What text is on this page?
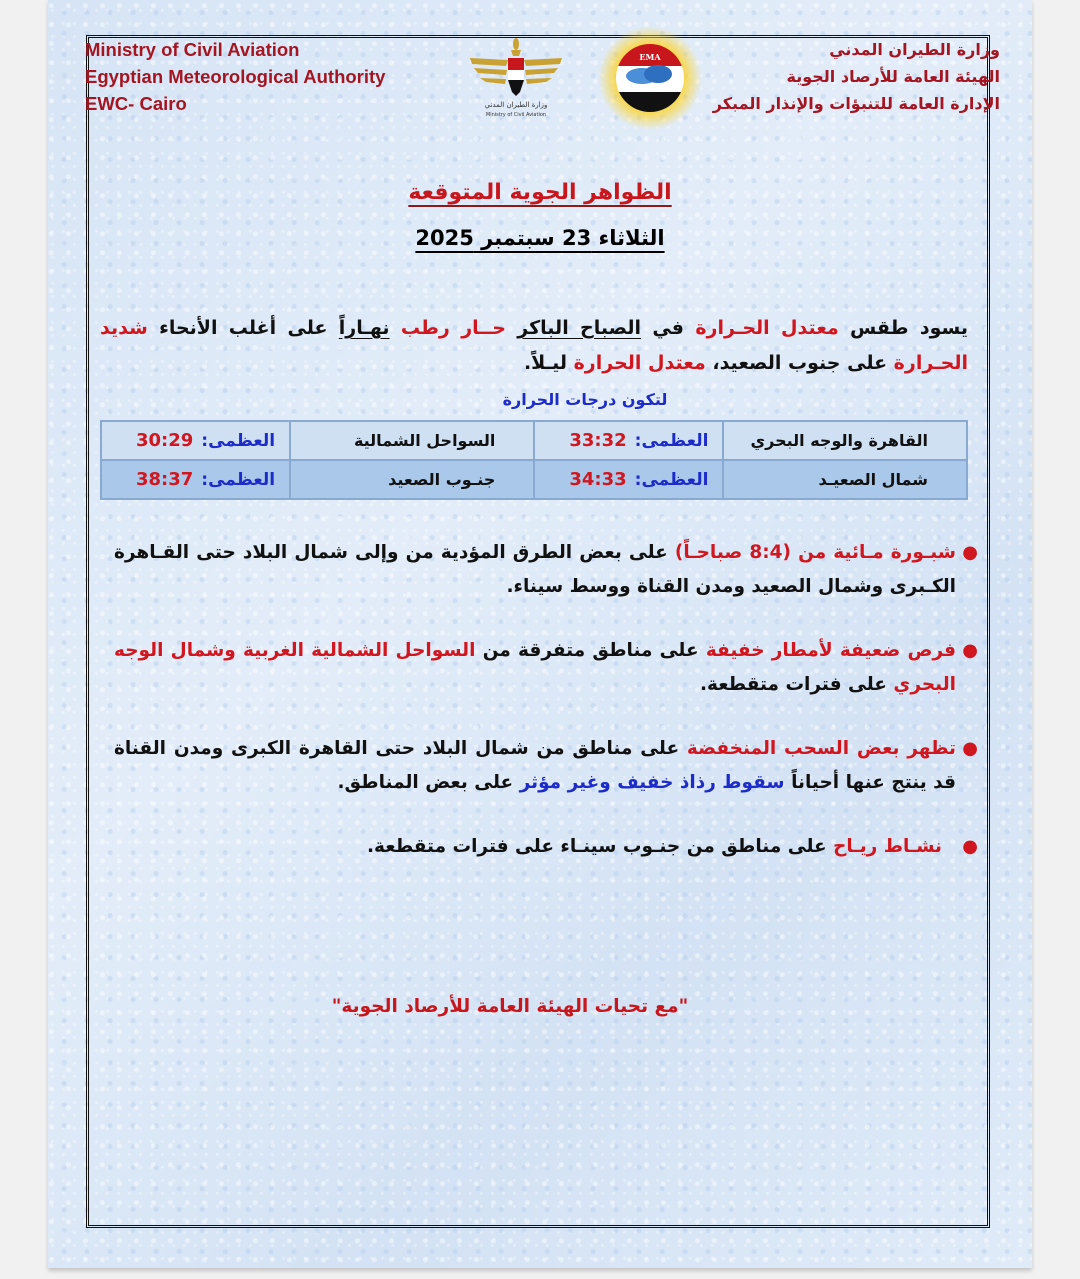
Ministry of Civil Aviation
Egyptian Meteorological Authority
EWC- Cairo	وزارة الطيران المدني
Ministry of Civil Aviation
EMA	وزارة الطيران المدني
الهيئة العامة للأرصاد الجوية
الإدارة العامة للتنبؤات والإنذار المبكر
الظواهر الجوية المتوقعة
الثلاثاء 23 سبتمبر 2025
يسود طقس معتدل الحـرارة في الصباح الباكر حــار رطب نهـاراً على أغلب الأنحاء شديد الحـرارة على جنوب الصعيد، معتدل الحرارة ليـلاً.
لتكون درجات الحرارة
القاهرة والوجه البحري	العظمى:33:32	السواحل الشمالية	العظمى:30:29
شمال الصعيـد	العظمى:34:33	جنـوب الصعيد	العظمى:38:37
●
شبـورة مـائية من (8:4 صباحـاً) على بعض الطرق المؤدية من وإلى شمال البلاد حتى القـاهرة الكـبرى وشمال الصعيد ومدن القناة ووسط سيناء.
●
فرص ضعيفة لأمطار خفيفة على مناطق متفرقة من السواحل الشمالية الغربية وشمال الوجه البحري على فترات متقطعة.
●
تظهر بعض السحب المنخفضة على مناطق من شمال البلاد حتى القاهرة الكبرى ومدن القناة قد ينتج عنها أحياناً سقوط رذاذ خفيف وغير مؤثر على بعض المناطق.
●
نشـاط ريـاح على مناطق من جنـوب سينـاء على فترات متقطعة.
"مع تحيات الهيئة العامة للأرصاد الجوية"
